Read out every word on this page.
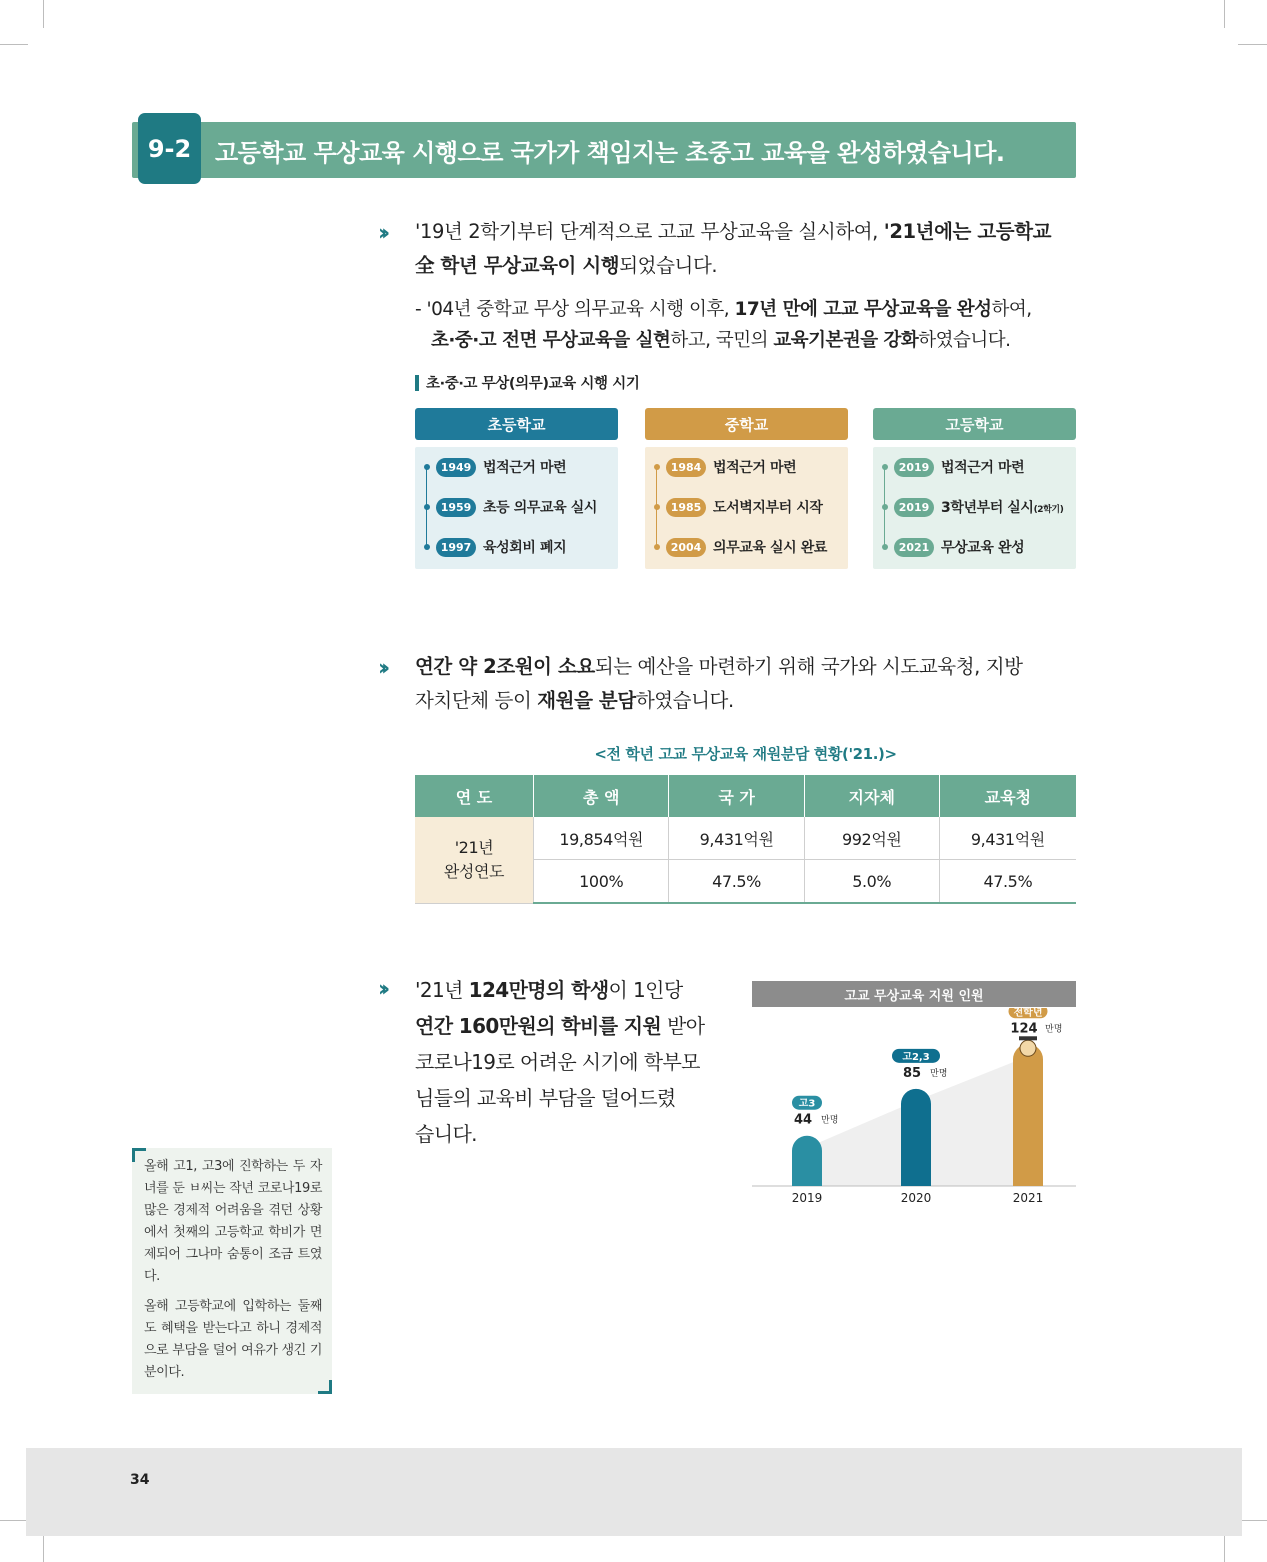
9-2 고등학교 무상교육 시행으로 국가가 책임지는 초중고 교육을 완성하였습니다.
›› '19년 2학기부터 단계적으로 고교 무상교육을 실시하여, '21년에는 고등학교
全 학년 무상교육이 시행되었습니다.
- '04년 중학교 무상 의무교육 시행 이후, 17년 만에 고교 무상교육을 완성하여,
초·중·고 전면 무상교육을 실현하고, 국민의 교육기본권을 강화하였습니다.
초·중·고 무상(의무)교육 시행 시기
초등학교
1949 법적근거 마련
1959 초등 의무교육 실시
1997 육성회비 폐지
중학교
1984 법적근거 마련
1985 도서벽지부터 시작
2004 의무교육 실시 완료
고등학교
2019 법적근거 마련
2019 3학년부터 실시(2학기)
2021 무상교육 완성
›› 연간 약 2조원이 소요되는 예산을 마련하기 위해 국가와 시도교육청, 지방
자치단체 등이 재원을 분담하였습니다.
<전 학년 고교 무상교육 재원분담 현황('21.)>
연 도	총 액	국 가	지자체	교육청

'21년
완성연도	19,854억원	9,431억원	992억원	9,431억원
	100%	47.5%	5.0%	47.5%
›› '21년 124만명의 학생이 1인당
연간 160만원의 학비를 지원 받아
코로나19로 어려운 시기에 학부모
님들의 교육비 부담을 덜어드렸
습니다.
고교 무상교육 지원 인원
44 만명
고3
2019
85 만명
고2,3
2020
124 만명
전학년
2021
올해 고1, 고3에 진학하는 두 자녀를 둔 ㅂ씨는 작년 코로나19로 많은 경제적 어려움을 겪던 상황에서 첫째의 고등학교 학비가 면제되어 그나마 숨통이 조금 트였다.
올해 고등학교에 입학하는 둘째도 혜택을 받는다고 하니 경제적으로 부담을 덜어 여유가 생긴 기분이다.
34
